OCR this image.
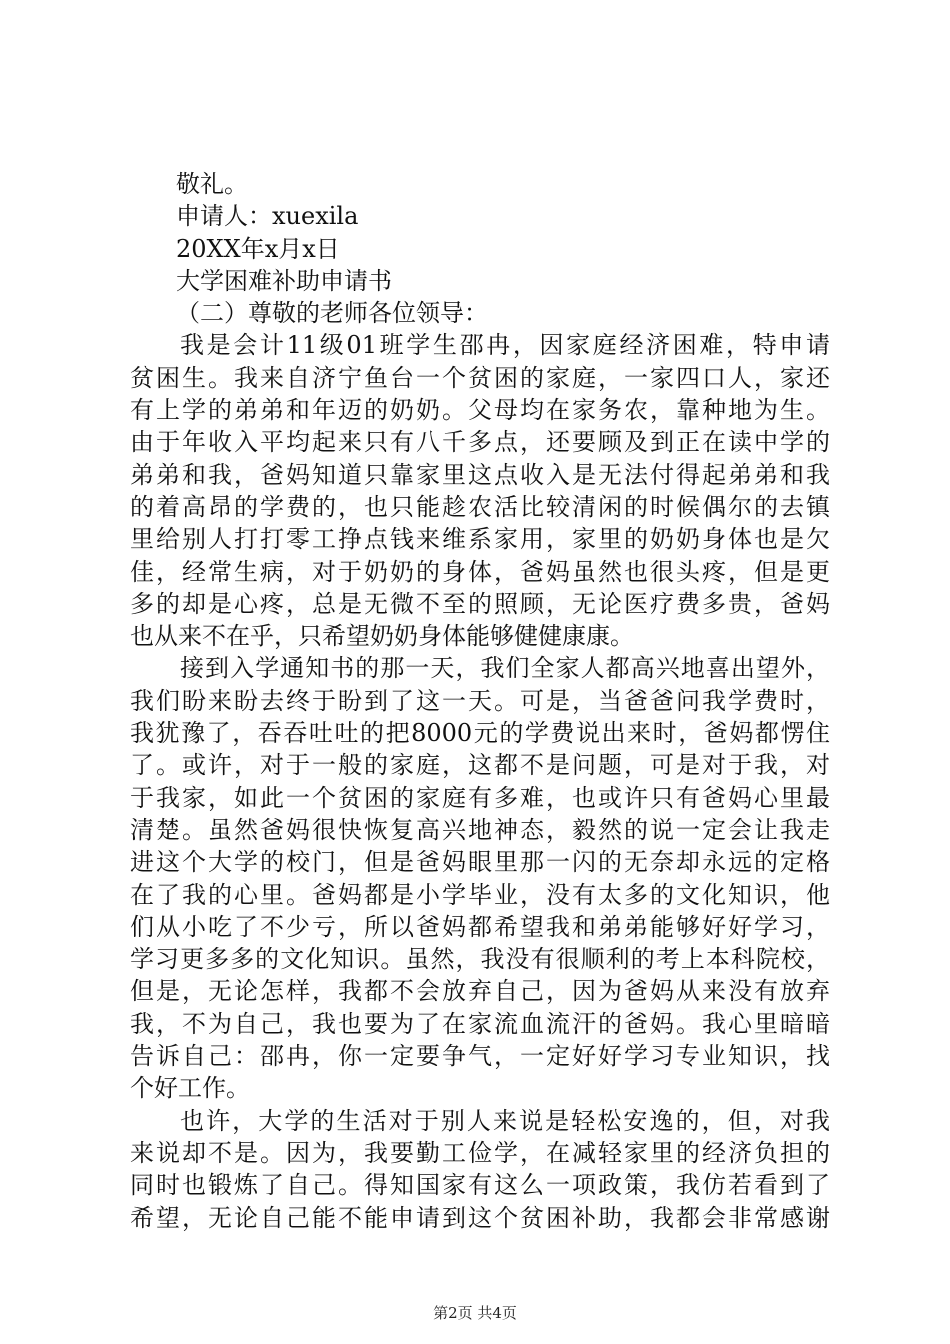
敬礼。
申请人：xuexila
20XX年x月x日
大学困难补助申请书
（二）尊敬的老师各位领导：
我是会计11级01班学生邵冉，因家庭经济困难，特申请
贫困生。我来自济宁鱼台一个贫困的家庭，一家四口人，家还
有上学的弟弟和年迈的奶奶。父母均在家务农，靠种地为生。
由于年收入平均起来只有八千多点，还要顾及到正在读中学的
弟弟和我，爸妈知道只靠家里这点收入是无法付得起弟弟和我
的着高昂的学费的，也只能趁农活比较清闲的时候偶尔的去镇
里给别人打打零工挣点钱来维系家用，家里的奶奶身体也是欠
佳，经常生病，对于奶奶的身体，爸妈虽然也很头疼，但是更
多的却是心疼，总是无微不至的照顾，无论医疗费多贵，爸妈
也从来不在乎，只希望奶奶身体能够健健康康。
接到入学通知书的那一天，我们全家人都高兴地喜出望外，
我们盼来盼去终于盼到了这一天。可是，当爸爸问我学费时，
我犹豫了，吞吞吐吐的把8000元的学费说出来时，爸妈都愣住
了。或许，对于一般的家庭，这都不是问题，可是对于我，对
于我家，如此一个贫困的家庭有多难，也或许只有爸妈心里最
清楚。虽然爸妈很快恢复高兴地神态，毅然的说一定会让我走
进这个大学的校门，但是爸妈眼里那一闪的无奈却永远的定格
在了我的心里。爸妈都是小学毕业，没有太多的文化知识，他
们从小吃了不少亏，所以爸妈都希望我和弟弟能够好好学习，
学习更多多的文化知识。虽然，我没有很顺利的考上本科院校，
但是，无论怎样，我都不会放弃自己，因为爸妈从来没有放弃
我，不为自己，我也要为了在家流血流汗的爸妈。我心里暗暗
告诉自己：邵冉，你一定要争气，一定好好学习专业知识，找
个好工作。
也许，大学的生活对于别人来说是轻松安逸的，但，对我
来说却不是。因为，我要勤工俭学，在减轻家里的经济负担的
同时也锻炼了自己。得知国家有这么一项政策，我仿若看到了
希望，无论自己能不能申请到这个贫困补助，我都会非常感谢
第2页 共4页
